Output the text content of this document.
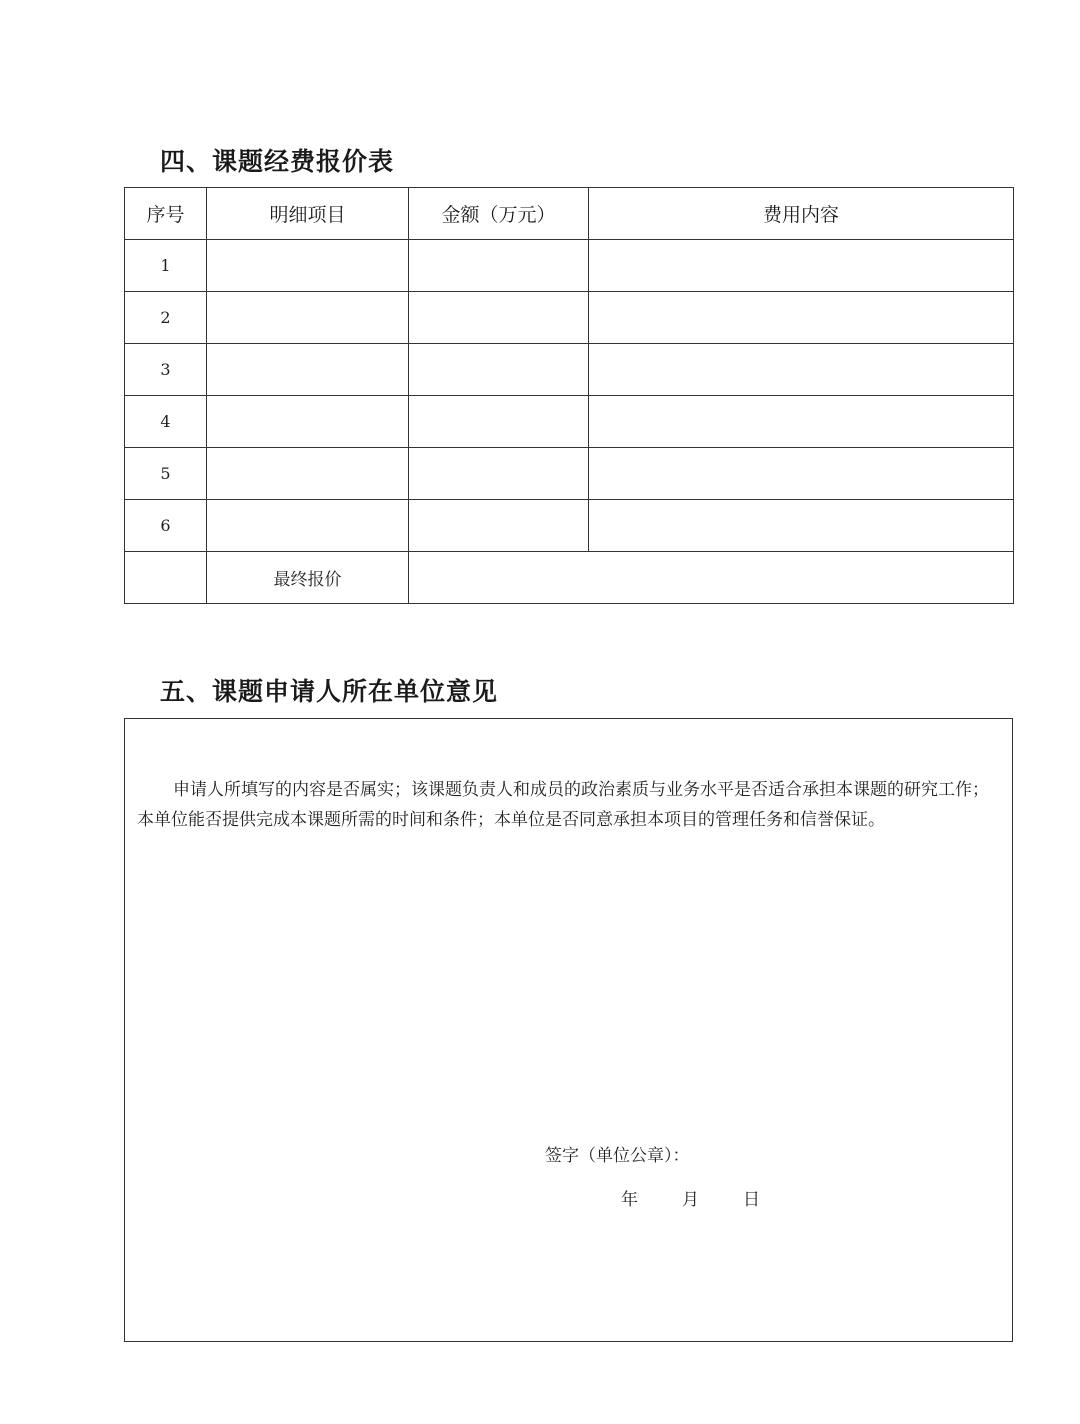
四、课题经费报价表
序号	明细项目	金额（万元）	费用内容
1			
2			
3			
4			
5			
6			
	最终报价		
五、课题申请人所在单位意见

申请人所填写的内容是否属实；该课题负责人和成员的政治素质与业务水平是否适合承担本课题的研究工作；本单位能否提供完成本课题所需的时间和条件；本单位是否同意承担本项目的管理任务和信誉保证。

签字（单位公章）：

年	月	日
